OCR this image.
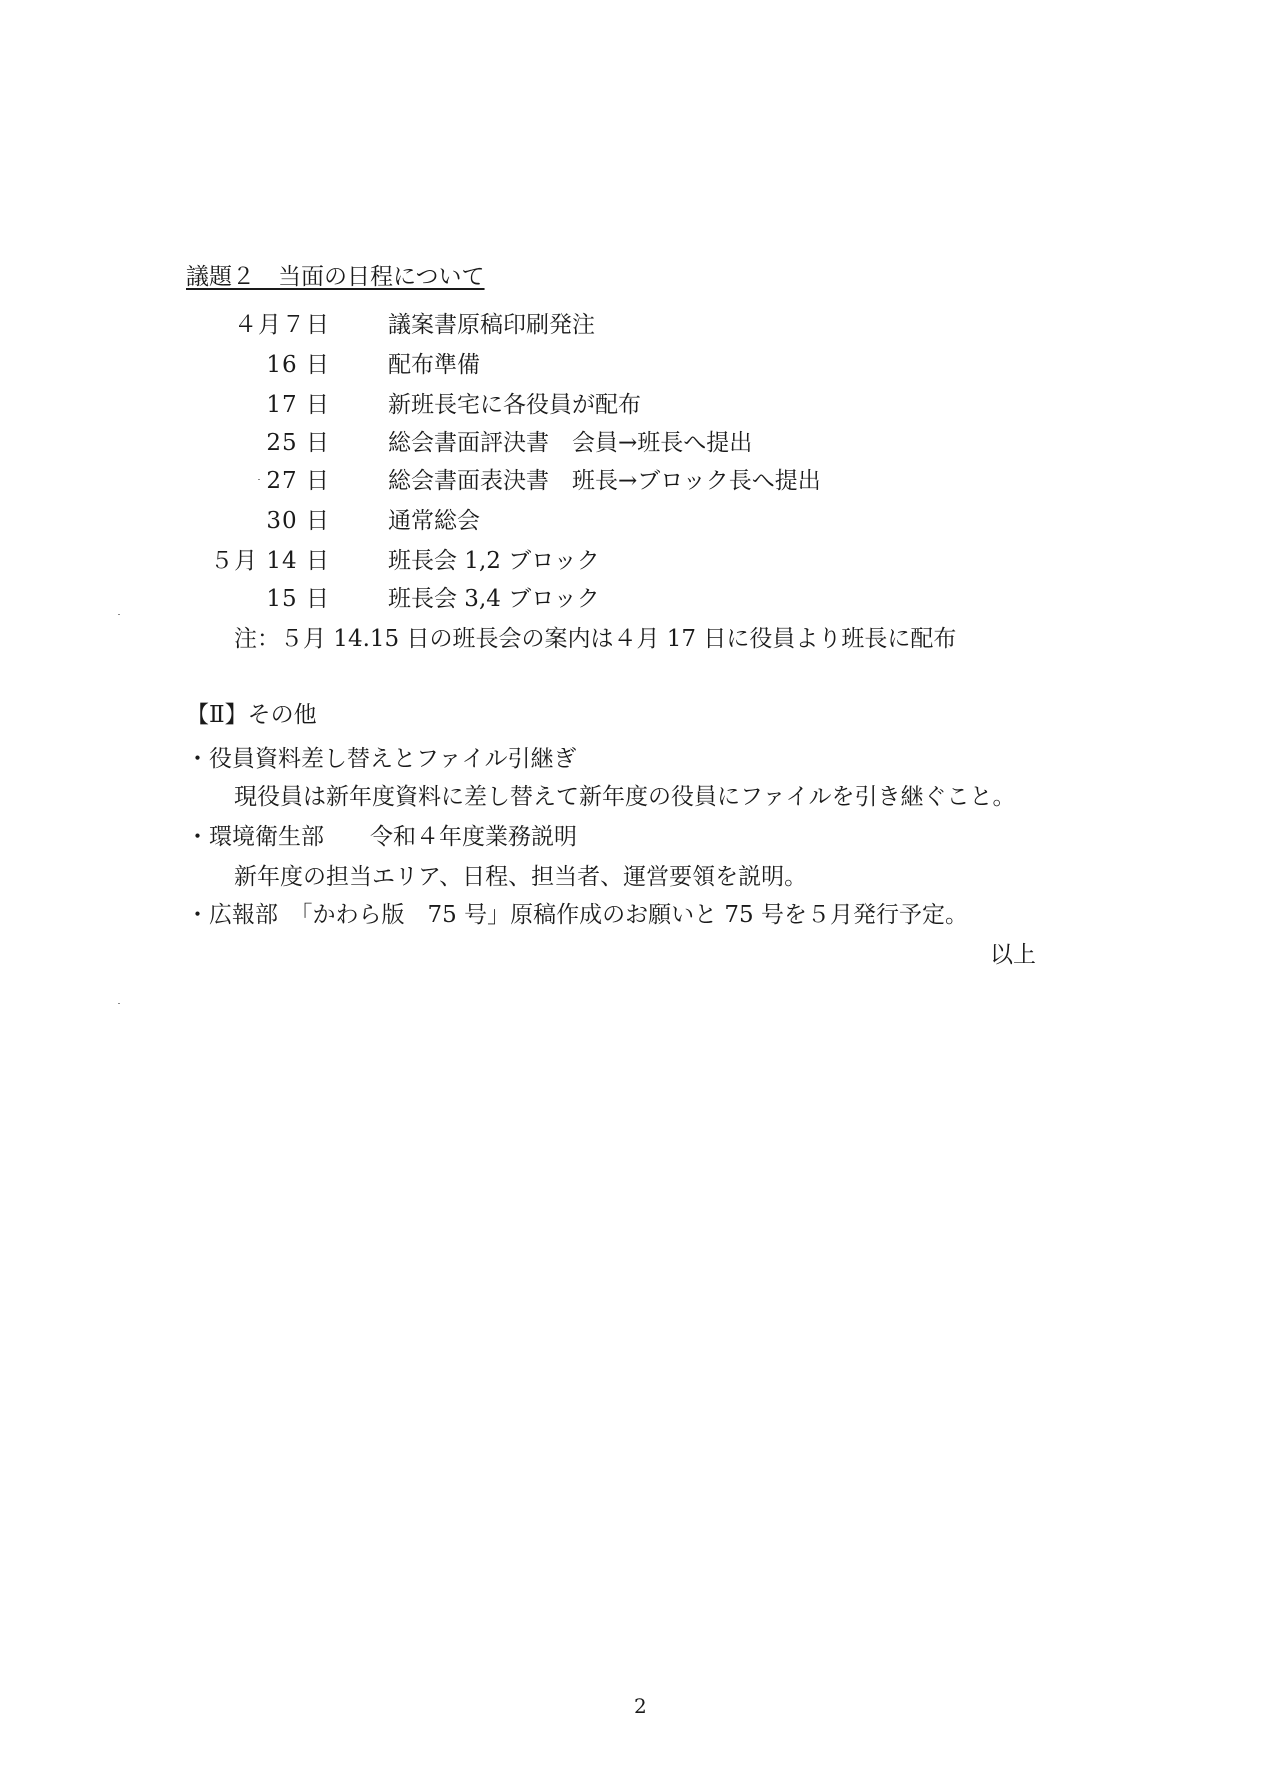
議題２　当面の日程について
４月７日	議案書原稿印刷発注
16 日	配布準備
17 日	新班長宅に各役員が配布
25 日	総会書面評決書　会員→班長へ提出
27 日	総会書面表決書　班長→ブロック長へ提出
30 日	通常総会
５月 14 日	班長会 1,2 ブロック
15 日	班長会 3,4 ブロック
注：５月 14.15 日の班長会の案内は４月 17 日に役員より班長に配布
【Ⅱ】その他
・役員資料差し替えとファイル引継ぎ
現役員は新年度資料に差し替えて新年度の役員にファイルを引き継ぐこと。
・環境衛生部　　令和４年度業務説明
新年度の担当エリア、日程、担当者、運営要領を説明。
・広報部　「かわら版　75 号」原稿作成のお願いと 75 号を５月発行予定。
以上
2
